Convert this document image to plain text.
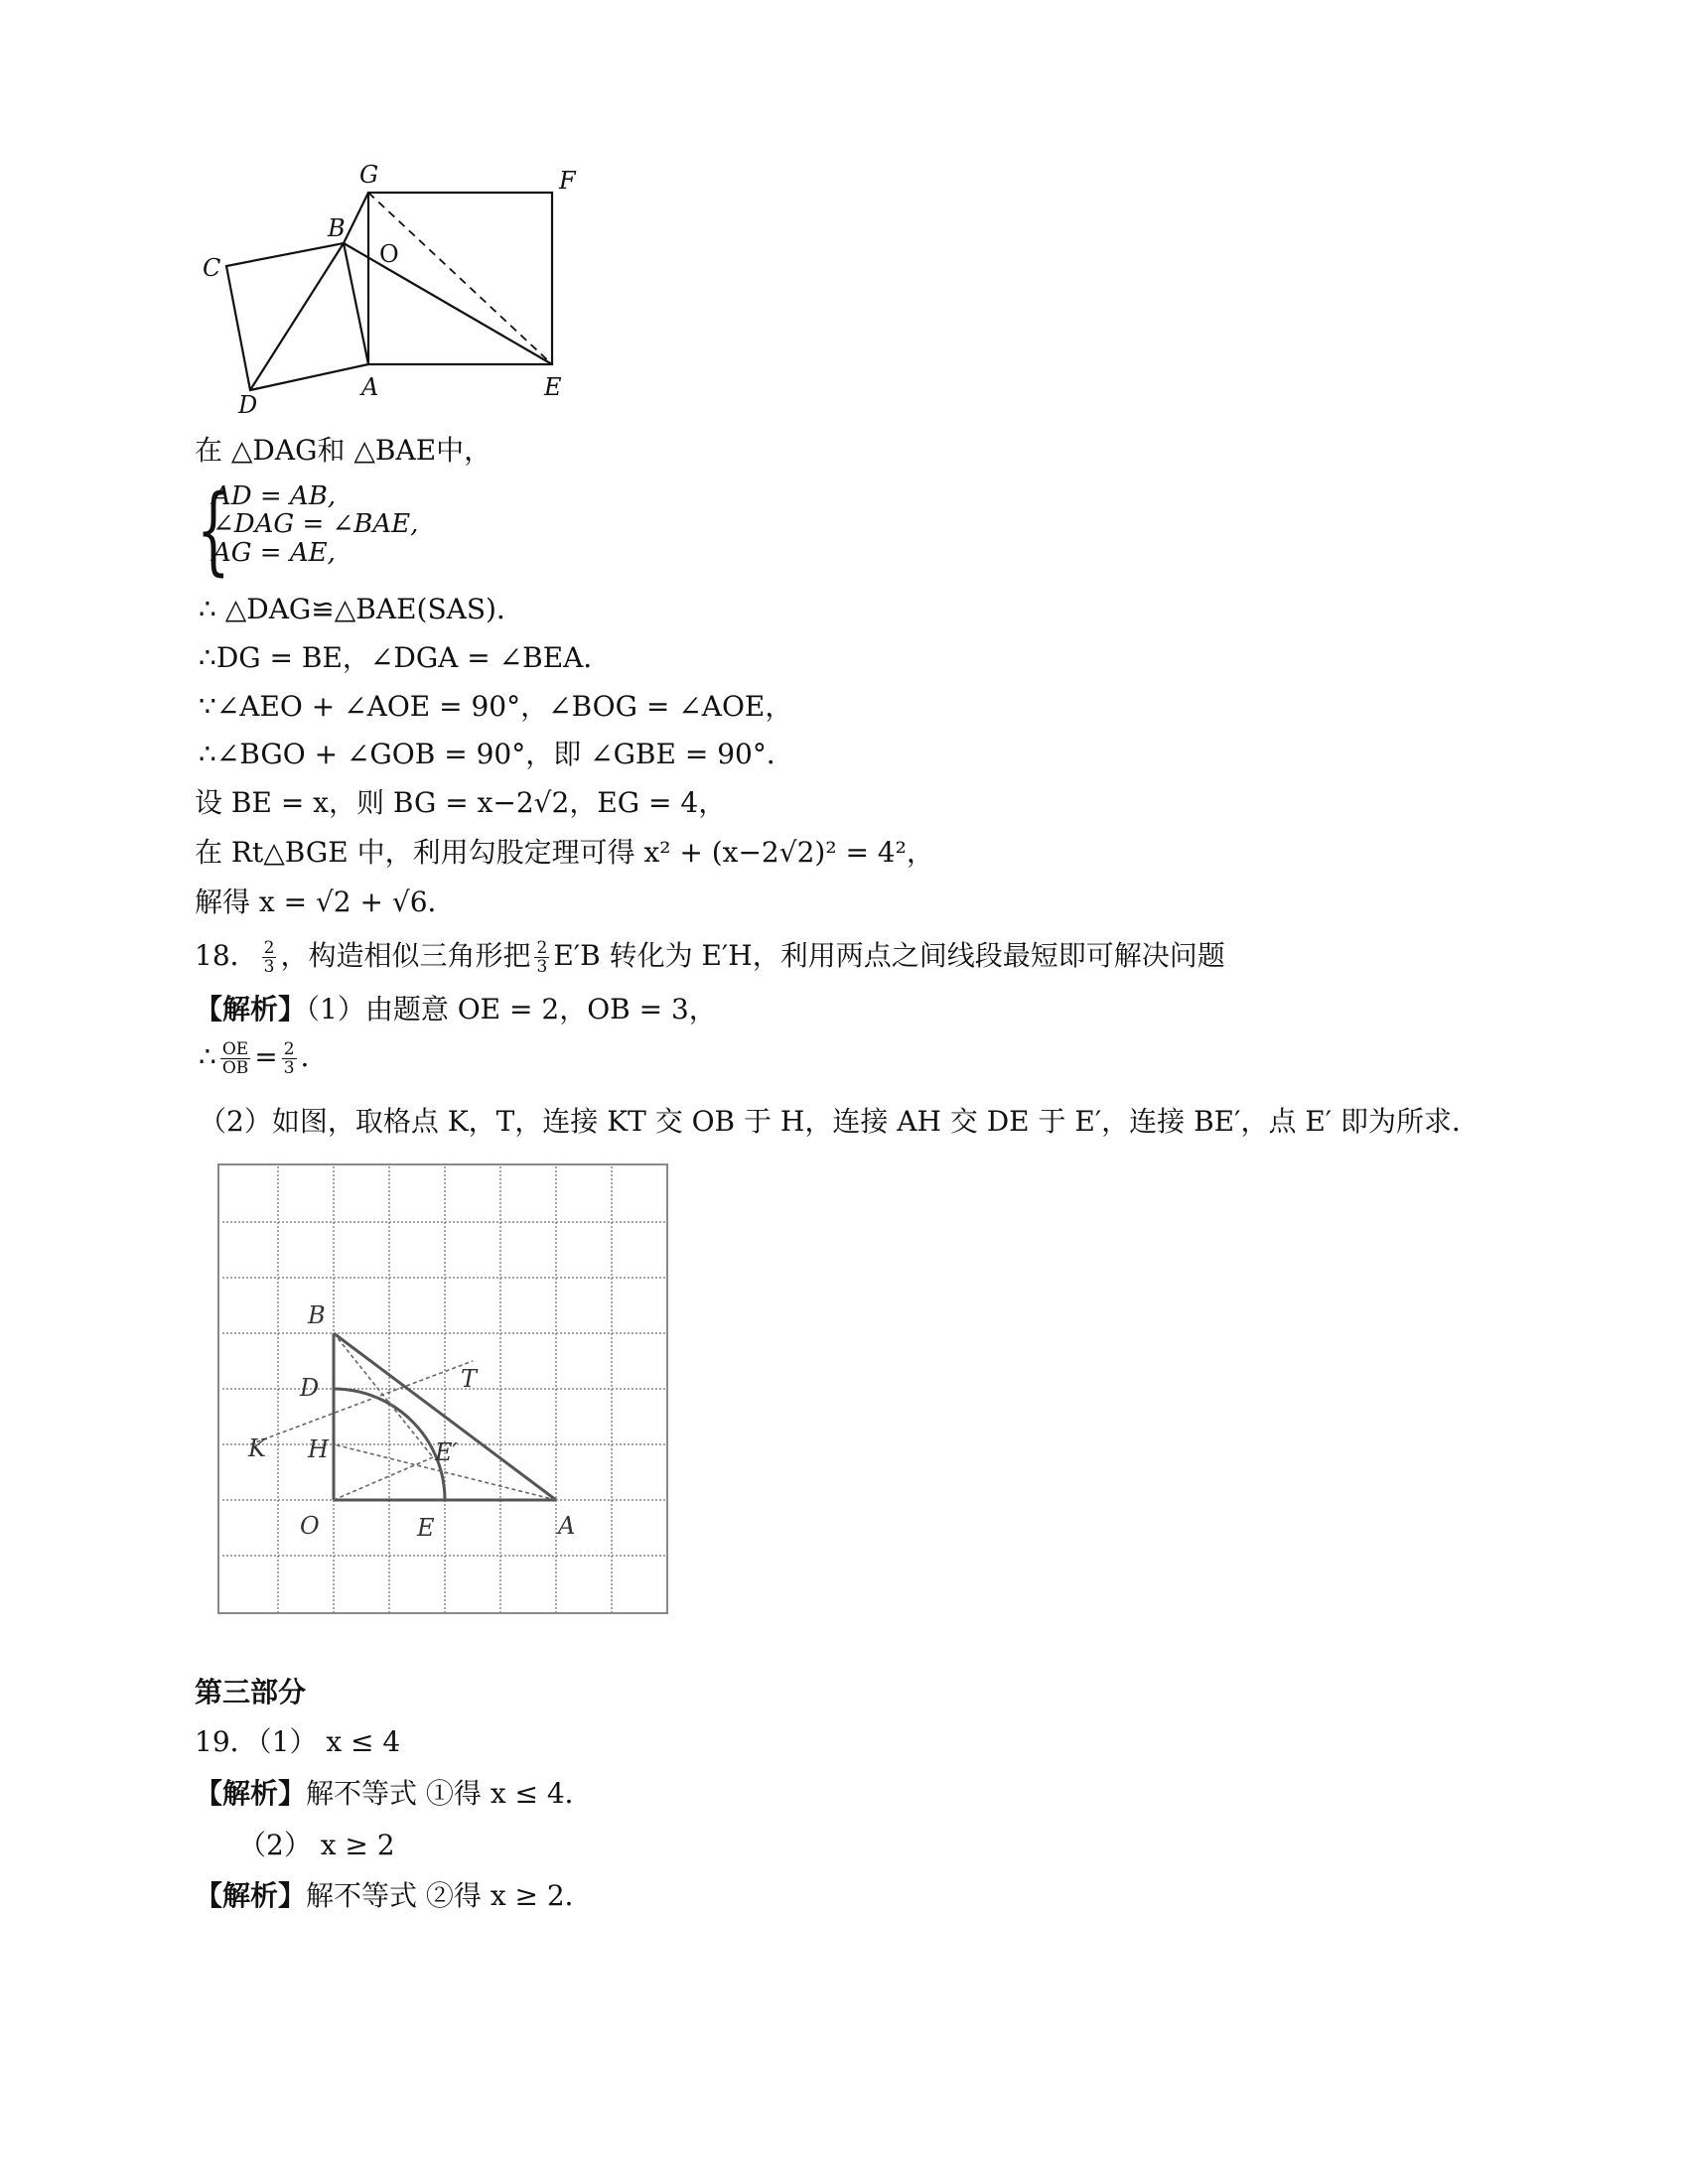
G	F
B
O
C
A	E
D
在 △DAG和 △BAE中，
{
AD = AB,
∠DAG = ∠BAE,
AG = AE,
∴ △DAG≌△BAE(SAS)．
∴DG = BE，∠DGA = ∠BEA．
∵∠AEO + ∠AOE = 90°，∠BOG = ∠AOE，
∴∠BGO + ∠GOB = 90°，即 ∠GBE = 90°．
设 BE = x，则 BG = x−2√2，EG = 4，
在 Rt△BGE 中，利用勾股定理可得 x² + (x−2√2)² = 4²，
解得 x = √2 + √6．
18． $\frac{2}{3}$ ，构造相似三角形把 $\frac{2}{3} E'B$ 转化为 E′H，利用两点之间线段最短即可解决问题
【解析】（1）由题意 OE = 2，OB = 3，
∴ $\frac{OE}{OB} = \frac{2}{3}$ ．
（2）如图，取格点 K，T，连接 KT 交 OB 于 H，连接 AH 交 DE 于 E′，连接 BE′，点 E′ 即为所求．
B
T
D
K H	E′
O	E	A
第三部分
19．（1） x ≤ 4
【解析】解不等式 ①得 x ≤ 4．
（2） x ≥ 2
【解析】解不等式 ②得 x ≥ 2．
